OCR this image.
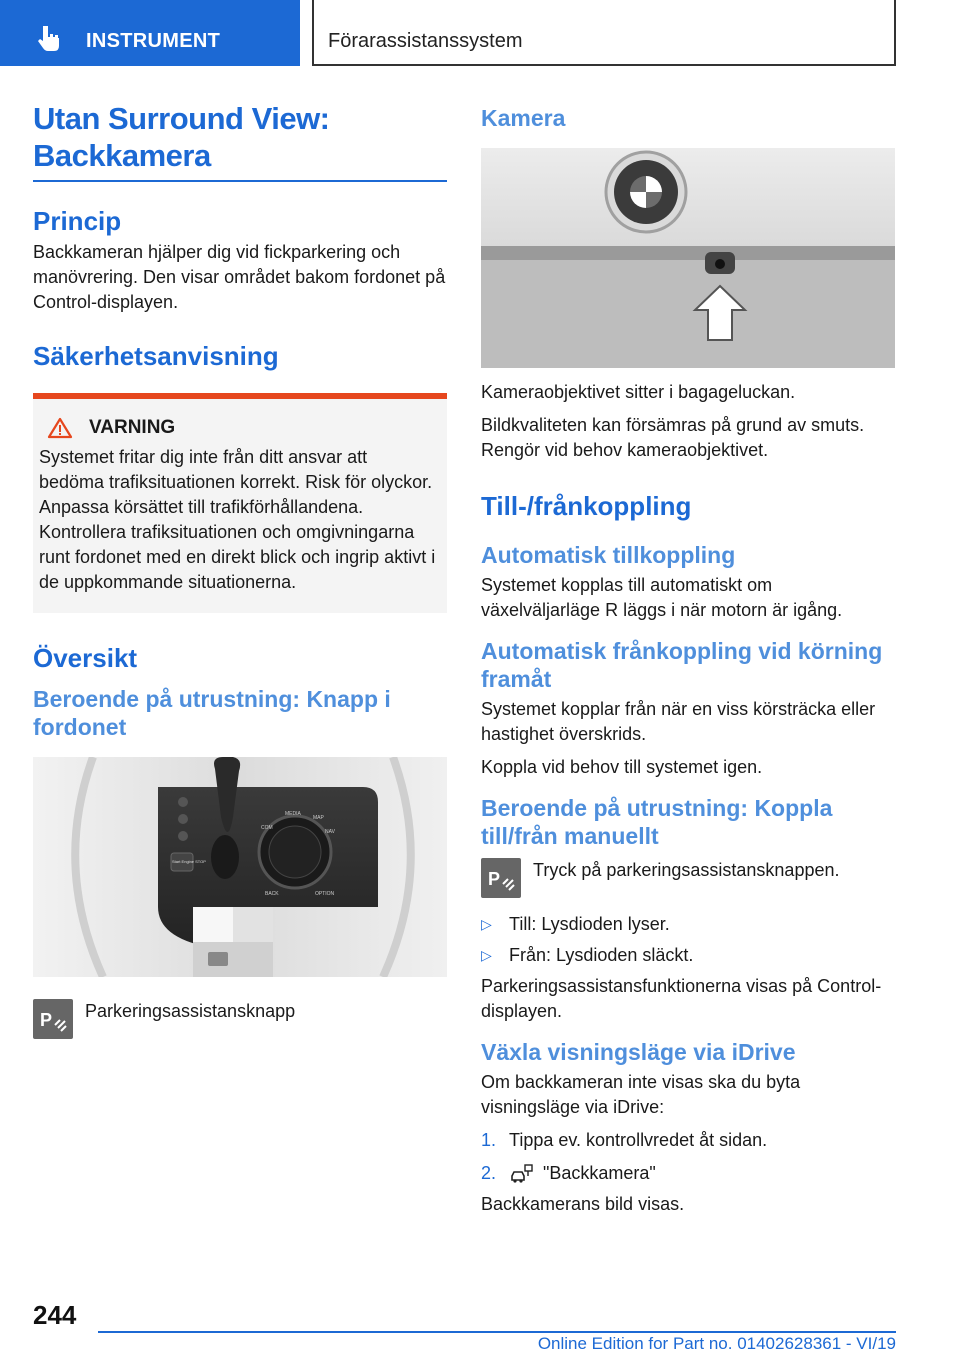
INSTRUMENT	Förarassistanssystem
Utan Surround View:
Backkamera
Princip
Backkameran hjälper dig vid fickparkering och manövrering. Den visar området bakom fordonet på Control-displayen.
Säkerhetsanvisning
VARNING
Systemet fritar dig inte från ditt ansvar att bedöma trafiksituationen korrekt. Risk för olyckor. Anpassa körsättet till trafikförhållandena. Kontrollera trafiksituationen och omgivningarna runt fordonet med en direkt blick och ingrip aktivt i de uppkommande situationerna.
Översikt
Beroende på utrustning: Knapp i fordonet
MEDIA
COM
MAP
NAV
BACK	OPTION
Start Engine STOP
P Parkeringsassistansknapp
Kamera
Kameraobjektivet sitter i bagageluckan.
Bildkvaliteten kan försämras på grund av smuts. Rengör vid behov kameraobjektivet.
Till-/frånkoppling
Automatisk tillkoppling
Systemet kopplas till automatiskt om växelväljarläge R läggs i när motorn är igång.
Automatisk frånkoppling vid körning framåt
Systemet kopplar från när en viss körsträcka eller hastighet överskrids.
Koppla vid behov till systemet igen.
Beroende på utrustning: Koppla till/från manuellt
P Tryck på parkeringsassistansknappen.
▷ Till: Lysdioden lyser.
▷ Från: Lysdioden släckt.
Parkeringsassistansfunktionerna visas på Control-displayen.
Växla visningsläge via iDrive
Om backkameran inte visas ska du byta visningsläge via iDrive:
1. Tippa ev. kontrollvredet åt sidan.
2.	"Backkamera"
Backkamerans bild visas.
244
Online Edition for Part no. 01402628361 - VI/19
